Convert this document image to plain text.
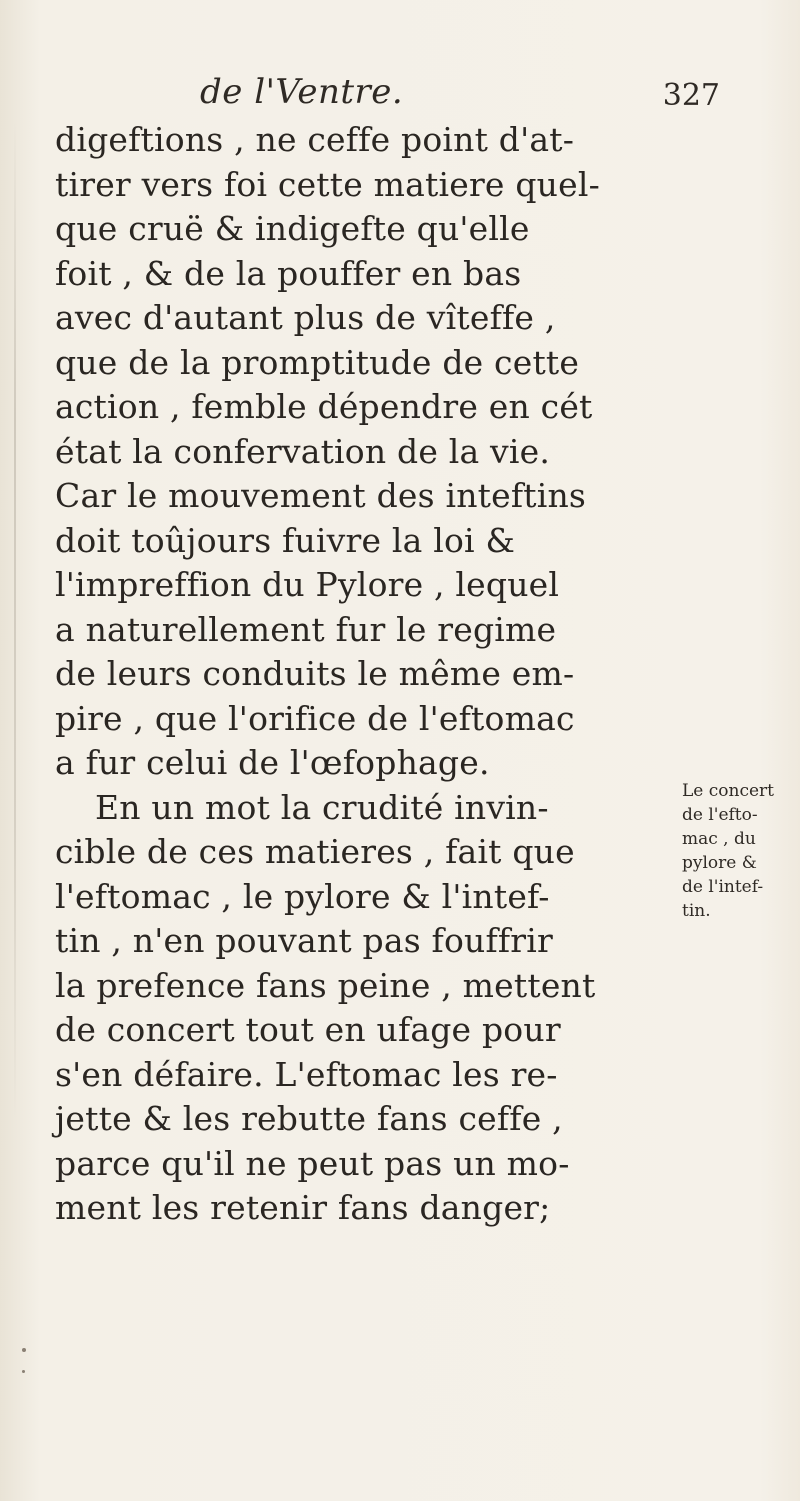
de l'Ventre.	327
digeftions , ne ceffe point d'at-
tirer vers foi cette matiere quel-
que cruë & indigefte qu'elle
foit , & de la pouffer en bas
avec d'autant plus de vîteffe ,
que de la promptitude de cette
action , femble dépendre en cét
état la confervation de la vie.
Car le mouvement des inteftins
doit toûjours fuivre la loi &
l'impreffion du Pylore , lequel
a naturellement fur le regime
de leurs conduits le même em-
pire , que l'orifice de l'eftomac
a fur celui de l'œfophage.
En un mot la crudité invin-
cible de ces matieres , fait que
l'eftomac , le pylore & l'intef-
tin , n'en pouvant pas fouffrir
la prefence fans peine , mettent
de concert tout en ufage pour
s'en défaire. L'eftomac les re-
jette & les rebutte fans ceffe ,
parce qu'il ne peut pas un mo-
ment les retenir fans danger;
Le concert
de l'efto-
mac , du
pylore &
de l'intef-
tin.
